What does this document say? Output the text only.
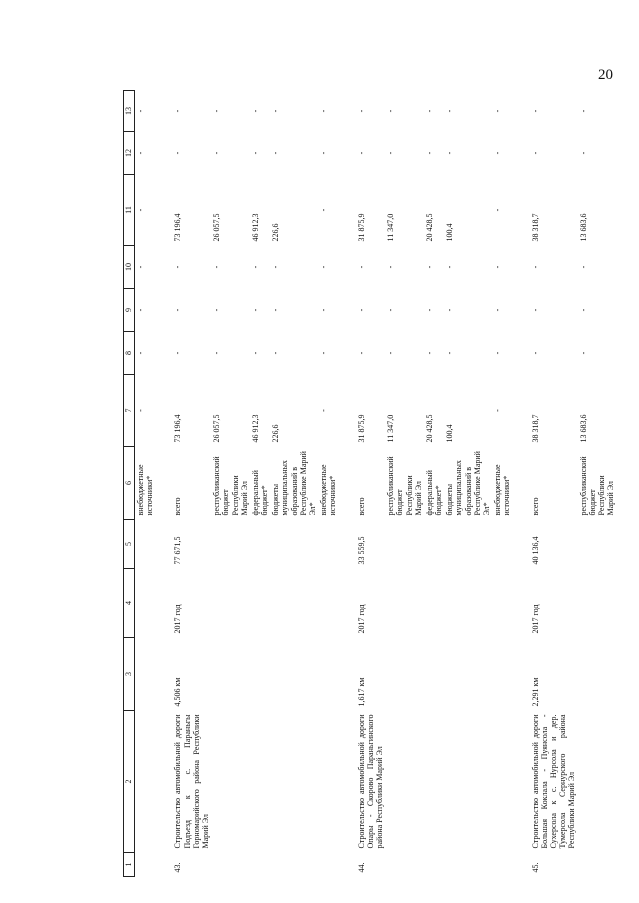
20
1	2	3	4	5	6	7	8	9	10	11	12	13
					внебюджетные источники*	-	-	-	-	-	-	-
43.	Строительство автомобильной дороги Подъезд к с. Параньгы Горномарийского района Республики Марий Эл	4,506 км	2017 год	77 671,5	всего	73 196,4	-	-	-	73 196,4	-	-
					республиканский бюджет Республики Марий Эл	26 057,5	-	-	-	26 057,5	-	-
					федеральный бюджет*	46 912,3	-	-	-	46 912,3	-	-
					бюджеты муниципальных образований в Республике Марий Эл*	226,6	-	-	-	226,6	-	-
					внебюджетные источники*	-	-	-	-	-	-	-
44.	Строительство автомобильной дороги Опары - Скорово Параньгинского района Республики Марий Эл	1,617 км	2017 год	33 559,5	всего	31 875,9	-	-	-	31 875,9	-	-
					республиканский бюджет Республики Марий Эл	11 347,0	-	-	-	11 347,0	-	-
					федеральный бюджет*	20 428,5	-	-	-	20 428,5	-	-
					бюджеты муниципальных образований в Республике Марий Эл*	100,4	-	-	-	100,4	-	-
					внебюджетные источники*	-	-	-	-	-	-	-
45.	Строительство автомобильной дороги Большая Коклала - Пуянсола - Сухерсола к с. Нурсола и дер. Тумерсола Сернурского района Республики Марий Эл	2,291 км	2017 год	40 136,4	всего	38 318,7	-	-	-	38 318,7	-	-
					республиканский бюджет Республики Марий Эл	13 683,6	-	-	-	13 683,6	-	-
